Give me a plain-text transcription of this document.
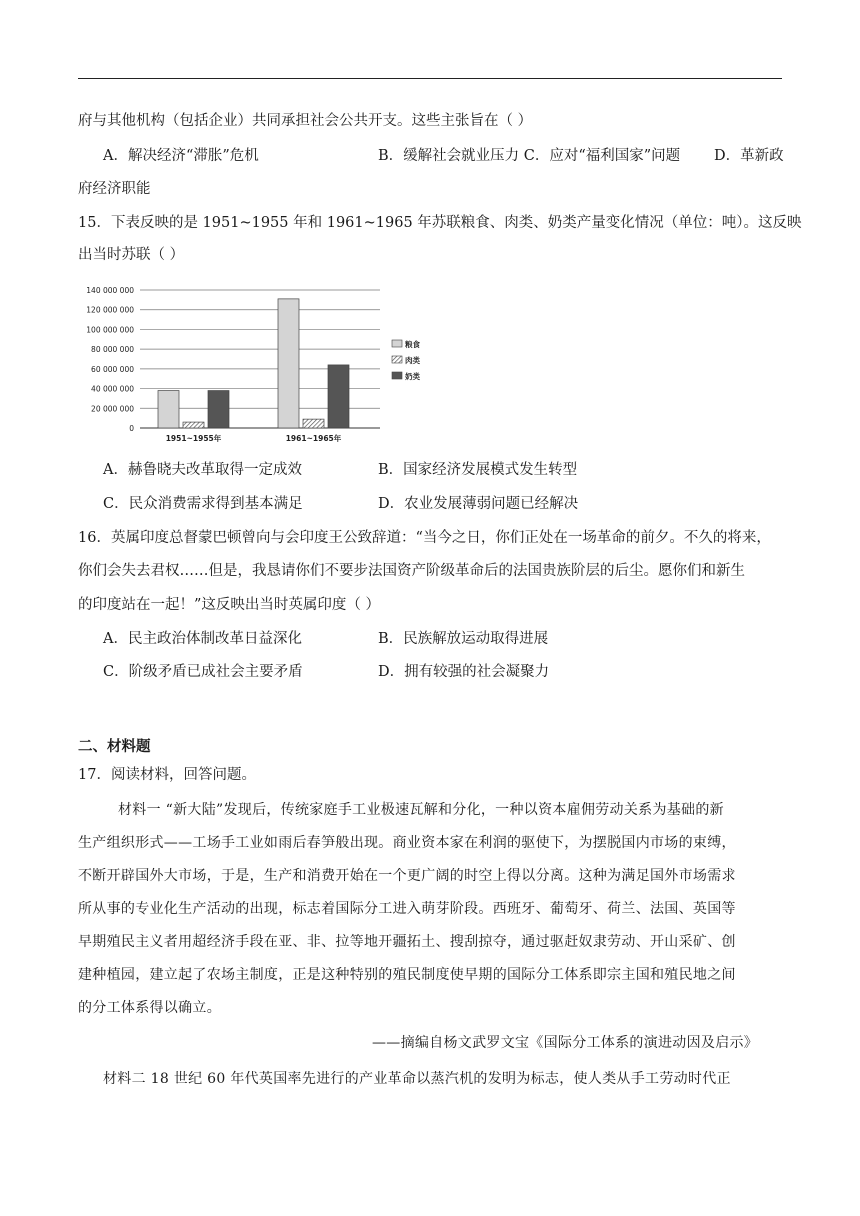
府与其他机构（包括企业）共同承担社会公共开支。这些主张旨在（ ）
A．解决经济“滞胀”危机	B．缓解社会就业压力 C．应对“福利国家”问题 D．革新政
府经济职能
15．下表反映的是 1951~1955 年和 1961~1965 年苏联粮食、肉类、奶类产量变化情况（单位：吨）。这反映
出当时苏联（ ）
0
20 000 000
40 000 000
60 000 000
80 000 000
100 000 000
120 000 000
140 000 000
1951~1955年	1961~1965年
粮食
肉类
奶类
A．赫鲁晓夫改革取得一定成效	B．国家经济发展模式发生转型
C．民众消费需求得到基本满足	D．农业发展薄弱问题已经解决
16．英属印度总督蒙巴顿曾向与会印度王公致辞道：“当今之日，你们正处在一场革命的前夕。不久的将来，
你们会失去君权……但是，我恳请你们不要步法国资产阶级革命后的法国贵族阶层的后尘。愿你们和新生
的印度站在一起！”这反映出当时英属印度（ ）
A．民主政治体制改革日益深化	B．民族解放运动取得进展
C．阶级矛盾已成社会主要矛盾	D．拥有较强的社会凝聚力
二、材料题
17．阅读材料，回答问题。
材料一 “新大陆”发现后，传统家庭手工业极速瓦解和分化，一种以资本雇佣劳动关系为基础的新
生产组织形式——工场手工业如雨后春笋般出现。商业资本家在利润的驱使下，为摆脱国内市场的束缚，
不断开辟国外大市场，于是，生产和消费开始在一个更广阔的时空上得以分离。这种为满足国外市场需求
所从事的专业化生产活动的出现，标志着国际分工进入萌芽阶段。西班牙、葡萄牙、荷兰、法国、英国等
早期殖民主义者用超经济手段在亚、非、拉等地开疆拓土、搜刮掠夺，通过驱赶奴隶劳动、开山采矿、创
建种植园，建立起了农场主制度，正是这种特别的殖民制度使早期的国际分工体系即宗主国和殖民地之间
的分工体系得以确立。
——摘编自杨文武罗文宝《国际分工体系的演进动因及启示》
材料二 18 世纪 60 年代英国率先进行的产业革命以蒸汽机的发明为标志，使人类从手工劳动时代正
